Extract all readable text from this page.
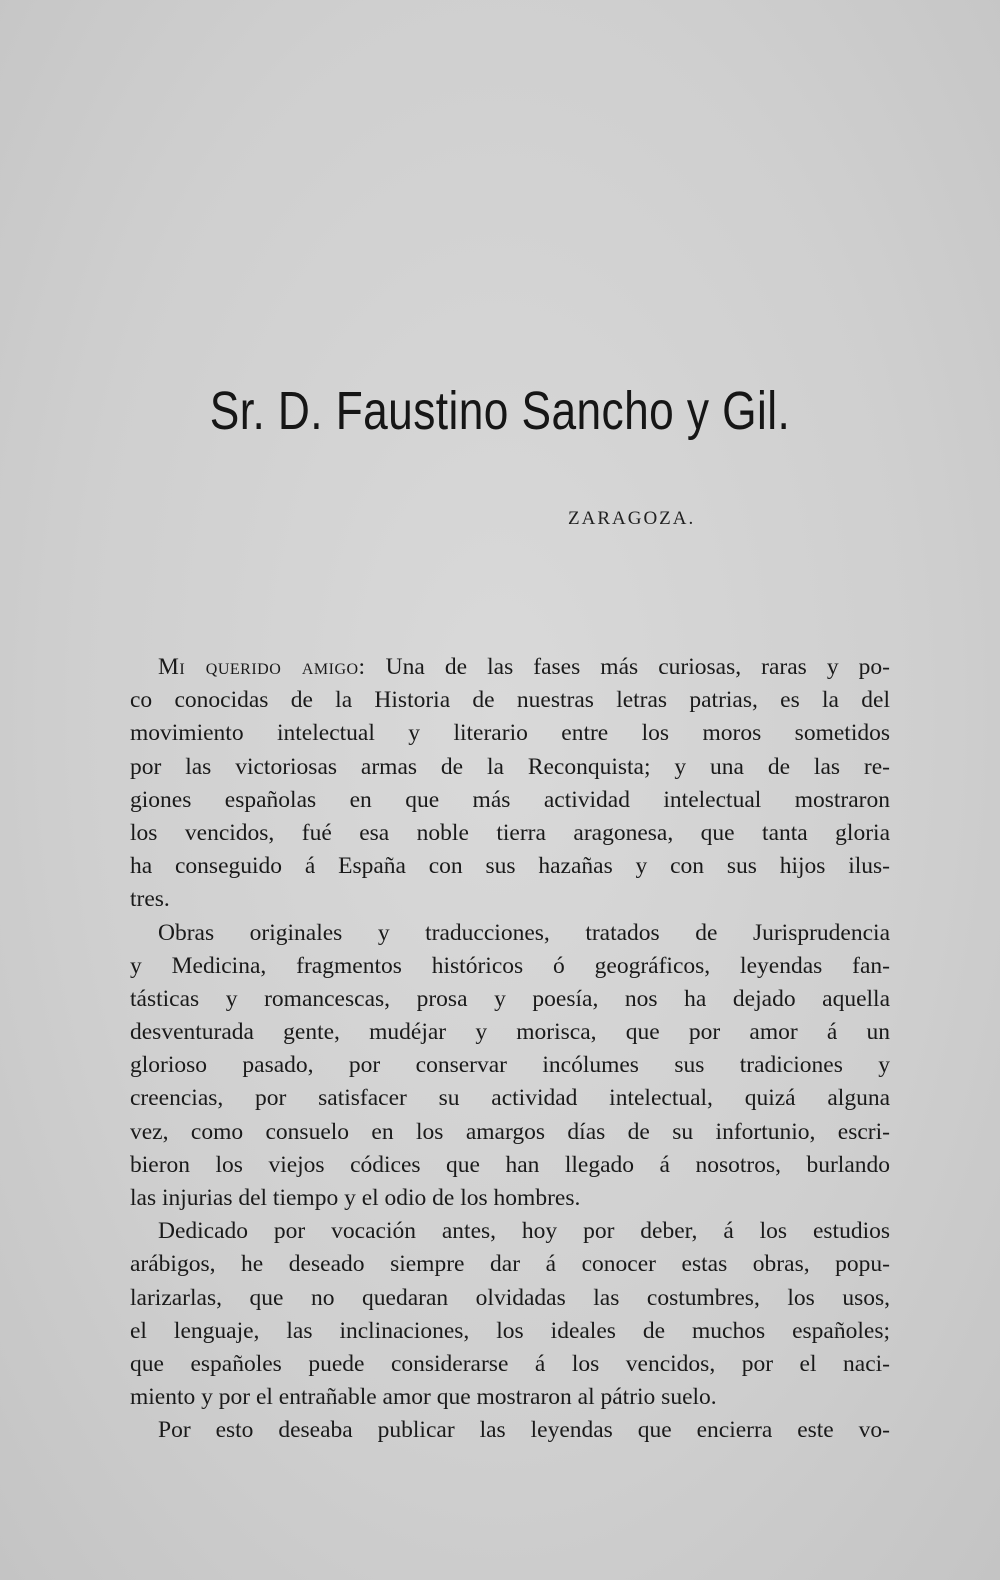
Sr. D. Faustino Sancho y Gil.
ZARAGOZA.
Mi querido amigo: Una de las fases más curiosas, raras y po-
co conocidas de la Historia de nuestras letras patrias, es la del
movimiento intelectual y literario entre los moros sometidos
por las victoriosas armas de la Reconquista; y una de las re-
giones españolas en que más actividad intelectual mostraron
los vencidos, fué esa noble tierra aragonesa, que tanta gloria
ha conseguido á España con sus hazañas y con sus hijos ilus-
tres.
Obras originales y traducciones, tratados de Jurisprudencia
y Medicina, fragmentos históricos ó geográficos, leyendas fan-
tásticas y romancescas, prosa y poesía, nos ha dejado aquella
desventurada gente, mudéjar y morisca, que por amor á un
glorioso pasado, por conservar incólumes sus tradiciones y
creencias, por satisfacer su actividad intelectual, quizá alguna
vez, como consuelo en los amargos días de su infortunio, escri-
bieron los viejos códices que han llegado á nosotros, burlando
las injurias del tiempo y el odio de los hombres.
Dedicado por vocación antes, hoy por deber, á los estudios
arábigos, he deseado siempre dar á conocer estas obras, popu-
larizarlas, que no quedaran olvidadas las costumbres, los usos,
el lenguaje, las inclinaciones, los ideales de muchos españoles;
que españoles puede considerarse á los vencidos, por el naci-
miento y por el entrañable amor que mostraron al pátrio suelo.
Por esto deseaba publicar las leyendas que encierra este vo-
